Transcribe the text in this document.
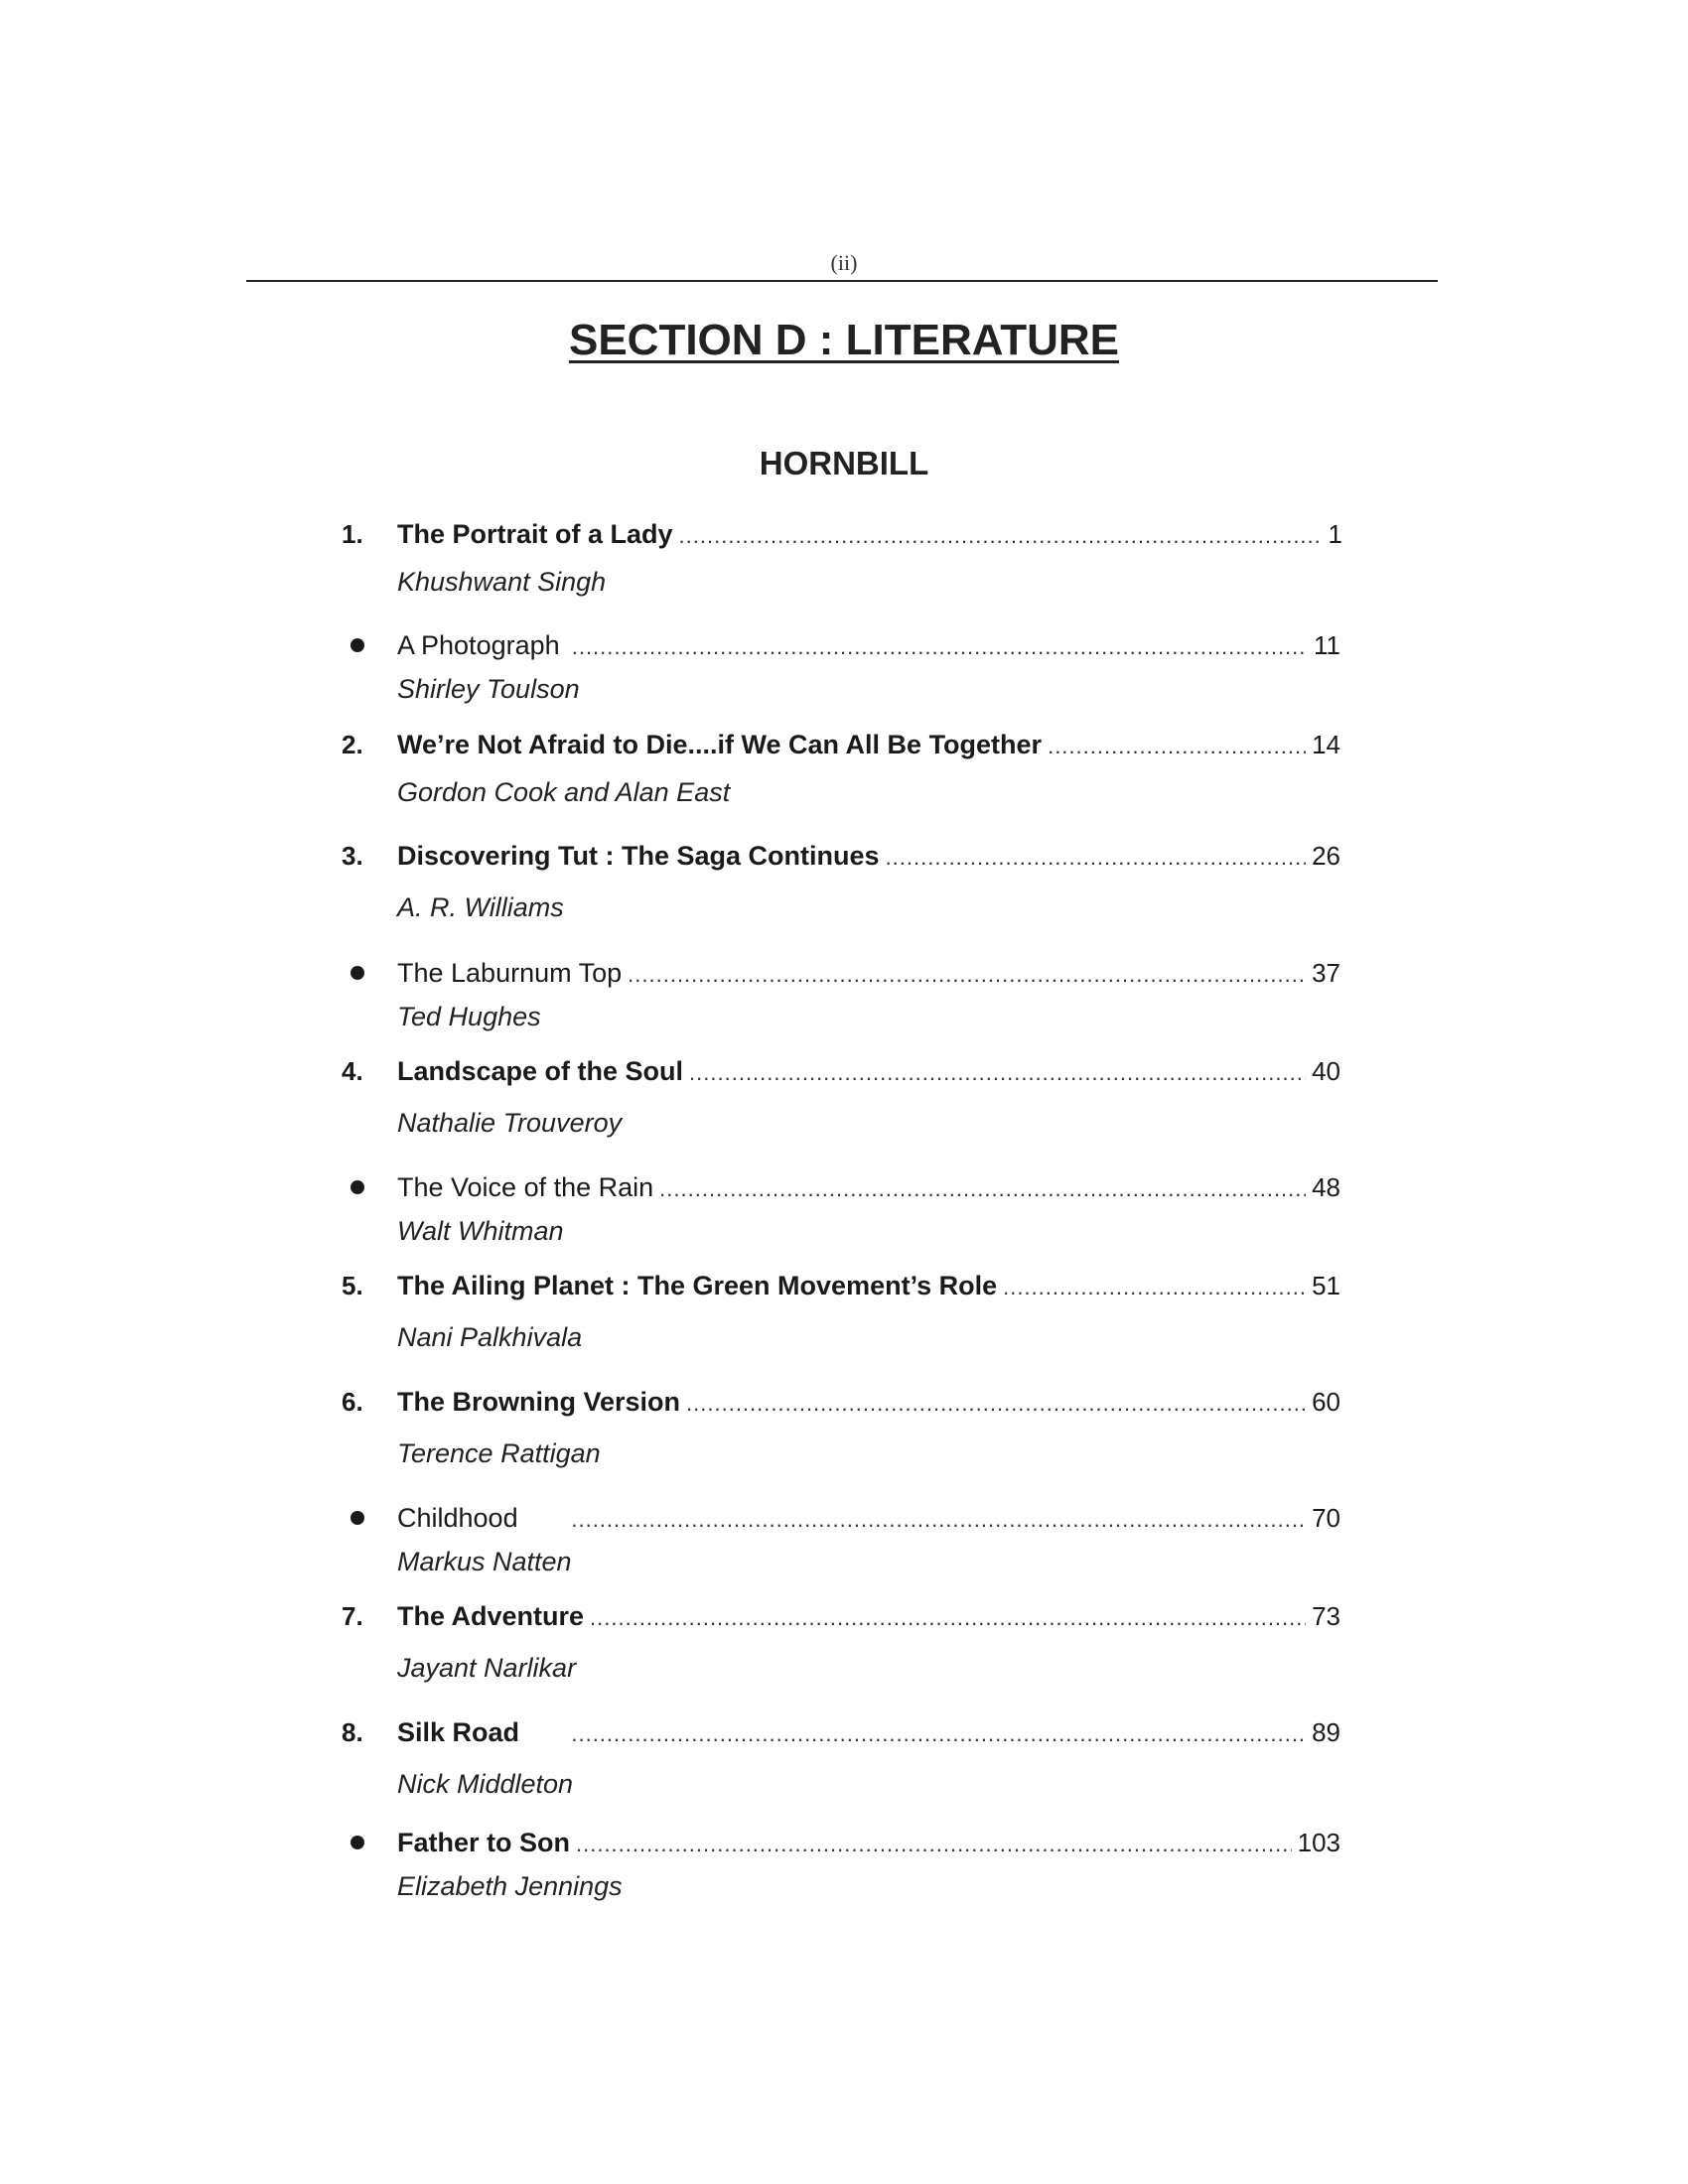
(ii)
SECTION D : LITERATURE
HORNBILL
1.	The Portrait of a Lady .....	1
Khushwant Singh
A Photograph .....	11
Shirley Toulson
2.	We’re Not Afraid to Die....if We Can All Be Together .....	14
Gordon Cook and Alan East
3.	Discovering Tut : The Saga Continues .....	26
A. R. Williams
The Laburnum Top .....	37
Ted Hughes
4.	Landscape of the Soul .....	40
Nathalie Trouveroy
The Voice of the Rain .....	48
Walt Whitman
5.	The Ailing Planet : The Green Movement’s Role .....	51
Nani Palkhivala
6.	The Browning Version .....	60
Terence Rattigan
Childhood .....	70
Markus Natten
7.	The Adventure .....	73
Jayant Narlikar
8.	Silk Road .....	89
Nick Middleton
Father to Son .....	103
Elizabeth Jennings
